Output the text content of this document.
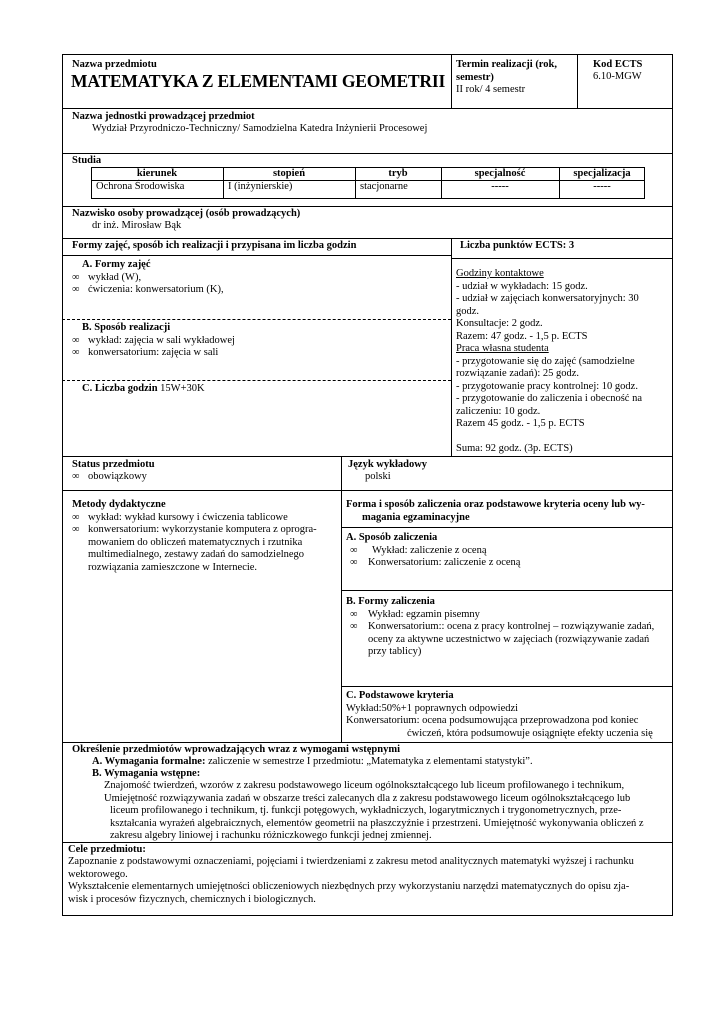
Nazwa przedmiotu
MATEMATYKA Z ELEMENTAMI GEOMETRII
Termin realizacji (rok, semestr)
II rok/ 4 semestr
Kod ECTS
6.10-MGW
Nazwa jednostki prowadzącej przedmiot
Wydział Przyrodniczo-Techniczny/ Samodzielna Katedra Inżynierii Procesowej
Studia
kierunek	stopień	tryb	specjalność	specjalizacja
Ochrona Środowiska	I (inżynierskie)	stacjonarne	-----	-----
Nazwisko osoby prowadzącej (osób prowadzących)
dr inż. Mirosław Bąk
Formy zajęć, sposób ich realizacji i przypisana im liczba godzin	Liczba punktów ECTS: 3
A. Formy zajęć
∞ wykład (W),
∞ ćwiczenia: konwersatorium (K),
B. Sposób realizacji
∞ wykład: zajęcia w sali wykładowej
∞ konwersatorium: zajęcia w sali
C. Liczba godzin 15W+30K
Godziny kontaktowe
- udział w wykładach: 15 godz.
- udział w zajęciach konwersatoryjnych: 30
godz.
Konsultacje: 2 godz.
Razem: 47 godz. - 1,5 p. ECTS
Praca własna studenta
- przygotowanie się do zajęć (samodzielne
rozwiązanie zadań): 25 godz.
- przygotowanie pracy kontrolnej: 10 godz.
- przygotowanie do zaliczenia i obecność na
zaliczeniu: 10 godz.
Razem 45 godz. - 1,5 p. ECTS
Suma: 92 godz. (3p. ECTS)
Status przedmiotu
∞ obowiązkowy
Język wykładowy
polski
Metody dydaktyczne
∞ wykład: wykład kursowy i ćwiczenia tablicowe
∞ konwersatorium: wykorzystanie komputera z oprogra-
mowaniem do obliczeń matematycznych i rzutnika
multimedialnego, zestawy zadań do samodzielnego
rozwiązania zamieszczone w Internecie.
Forma i sposób zaliczenia oraz podstawowe kryteria oceny lub wy-
magania egzaminacyjne
A. Sposób zaliczenia
∞ Wykład: zaliczenie z oceną
∞ Konwersatorium: zaliczenie z oceną
B. Formy zaliczenia
∞ Wykład: egzamin pisemny
∞ Konwersatorium:: ocena z pracy kontrolnej – rozwiązywanie zadań,
oceny za aktywne uczestnictwo w zajęciach (rozwiązywanie zadań
przy tablicy)
C. Podstawowe kryteria
Wykład:50%+1 poprawnych odpowiedzi
Konwersatorium: ocena podsumowująca przeprowadzona pod koniec
ćwiczeń, która podsumowuje osiągnięte efekty uczenia się
Określenie przedmiotów wprowadzających wraz z wymogami wstępnymi
A. Wymagania formalne: zaliczenie w semestrze I przedmiotu: „Matematyka z elementami statystyki”.
B. Wymagania wstępne:
Znajomość twierdzeń, wzorów z zakresu podstawowego liceum ogólnokształcącego lub liceum profilowanego i technikum,
Umiejętność rozwiązywania zadań w obszarze treści zalecanych dla z zakresu podstawowego liceum ogólnokształcącego lub
liceum profilowanego i technikum, tj. funkcji potęgowych, wykładniczych, logarytmicznych i trygonometrycznych, prze-
kształcania wyrażeń algebraicznych, elementów geometrii na płaszczyźnie i przestrzeni. Umiejętność wykonywania obliczeń z
zakresu algebry liniowej i rachunku różniczkowego funkcji jednej zmiennej.
Cele przedmiotu:
Zapoznanie z podstawowymi oznaczeniami, pojęciami i twierdzeniami z zakresu metod analitycznych matematyki wyższej i rachunku
wektorowego.
Wykształcenie elementarnych umiejętności obliczeniowych niezbędnych przy wykorzystaniu narzędzi matematycznych do opisu zja-
wisk i procesów fizycznych, chemicznych i biologicznych.
